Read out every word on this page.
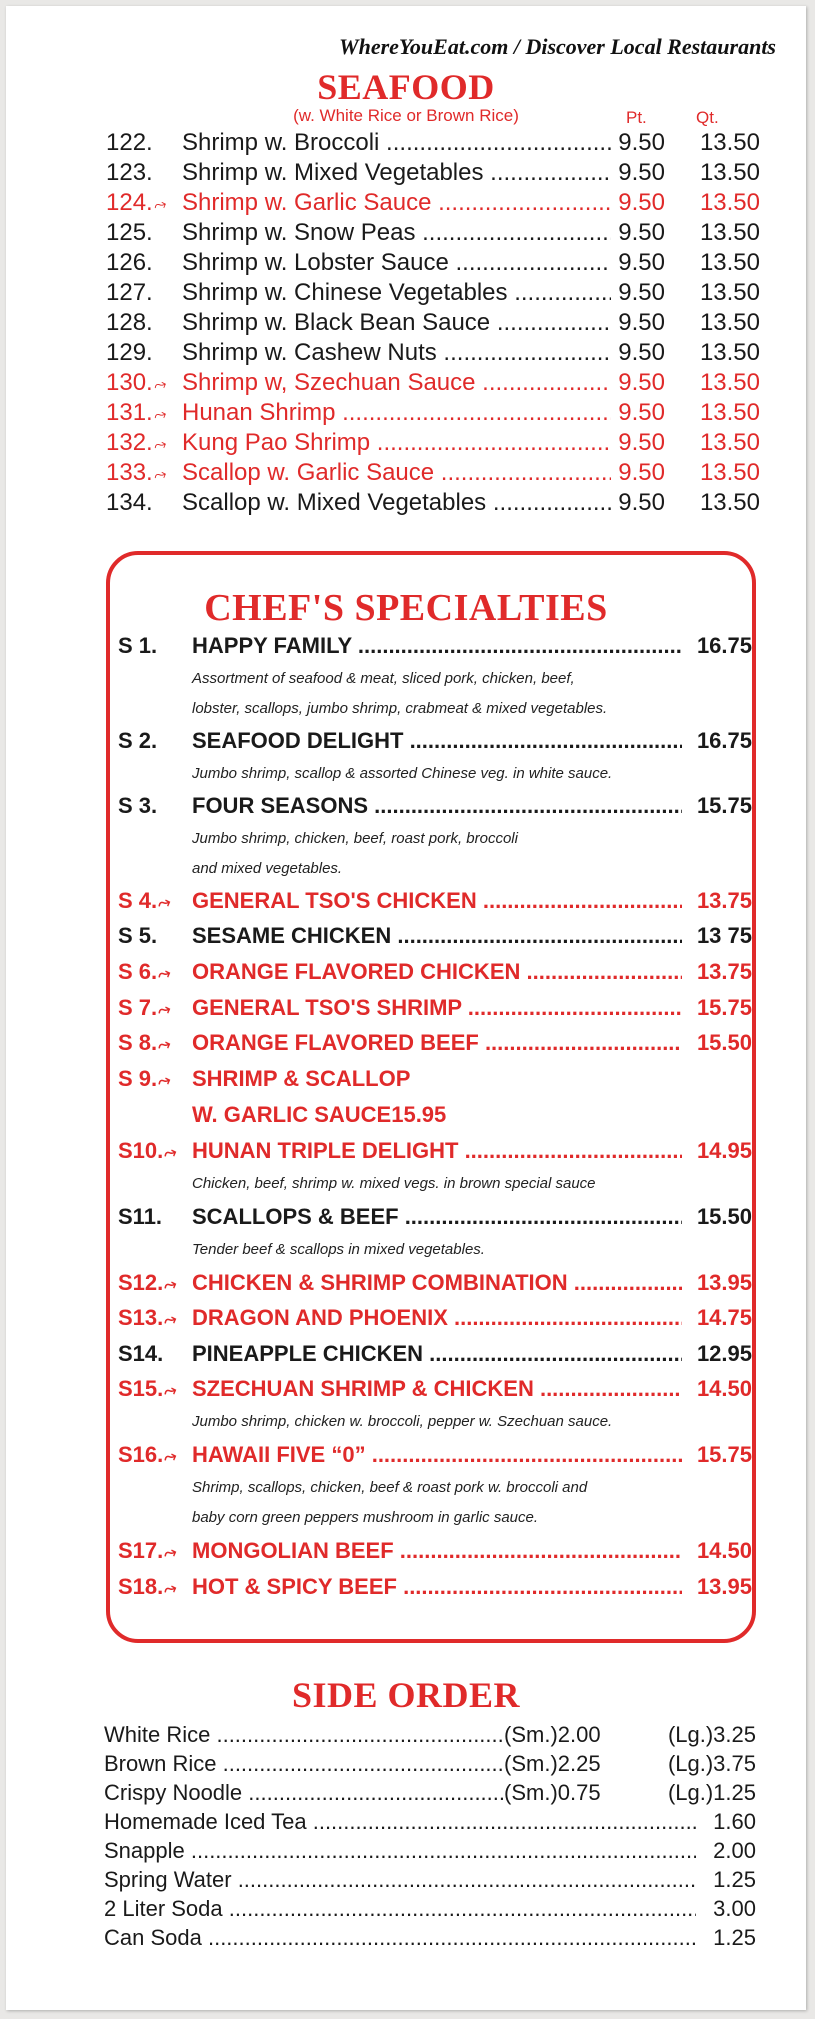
WhereYouEat.com / Discover Local Restaurants
SEAFOOD
(w. White Rice or Brown Rice)	Pt.	Qt.
122. Shrimp w. Broccoli .....	9.50 13.50
123. Shrimp w. Mixed Vegetables .....	9.50 13.50
124.⤳ Shrimp w. Garlic Sauce .....	9.50 13.50
125. Shrimp w. Snow Peas .....	9.50 13.50
126. Shrimp w. Lobster Sauce .....	9.50 13.50
127. Shrimp w. Chinese Vegetables .....	9.50 13.50
128. Shrimp w. Black Bean Sauce .....	9.50 13.50
129. Shrimp w. Cashew Nuts .....	9.50 13.50
130.⤳ Shrimp w, Szechuan Sauce .....	9.50 13.50
131.⤳ Hunan Shrimp .....	9.50 13.50
132.⤳ Kung Pao Shrimp .....	9.50 13.50
133.⤳ Scallop w. Garlic Sauce .....	9.50 13.50
134. Scallop w. Mixed Vegetables .....	9.50 13.50
CHEF'S SPECIALTIES
S 1. HAPPY FAMILY .....	16.75
Assortment of seafood & meat, sliced pork, chicken, beef,
lobster, scallops, jumbo shrimp, crabmeat & mixed vegetables.
S 2. SEAFOOD DELIGHT .....	16.75
Jumbo shrimp, scallop & assorted Chinese veg. in white sauce.
S 3. FOUR SEASONS .....	15.75
Jumbo shrimp, chicken, beef, roast pork, broccoli
and mixed vegetables.
S 4.⤳ GENERAL TSO'S CHICKEN .....	13.75
S 5. SESAME CHICKEN .....	13 75
S 6.⤳ ORANGE FLAVORED CHICKEN .....	13.75
S 7.⤳ GENERAL TSO'S SHRIMP .....	15.75
S 8.⤳ ORANGE FLAVORED BEEF .....	15.50
S 9.⤳ SHRIMP & SCALLOP
W. GARLIC SAUCE15.95
S10.⤳ HUNAN TRIPLE DELIGHT .....	14.95
Chicken, beef, shrimp w. mixed vegs. in brown special sauce
S11. SCALLOPS & BEEF .....	15.50
Tender beef & scallops in mixed vegetables.
S12.⤳ CHICKEN & SHRIMP COMBINATION .....	13.95
S13.⤳ DRAGON AND PHOENIX .....	14.75
S14. PINEAPPLE CHICKEN .....	12.95
S15.⤳ SZECHUAN SHRIMP & CHICKEN .....	14.50
Jumbo shrimp, chicken w. broccoli, pepper w. Szechuan sauce.
S16.⤳ HAWAII FIVE “0” .....	15.75
Shrimp, scallops, chicken, beef & roast pork w. broccoli and
baby corn green peppers mushroom in garlic sauce.
S17.⤳ MONGOLIAN BEEF .....	14.50
S18.⤳ HOT & SPICY BEEF .....	13.95
SIDE ORDER
White Rice .....	(Sm.)2.00	(Lg.)3.25
Brown Rice .....	(Sm.)2.25	(Lg.)3.75
Crispy Noodle .....	(Sm.)0.75	(Lg.)1.25
Homemade Iced Tea .....	1.60
Snapple .....	2.00
Spring Water .....	1.25
2 Liter Soda .....	3.00
Can Soda .....	1.25
